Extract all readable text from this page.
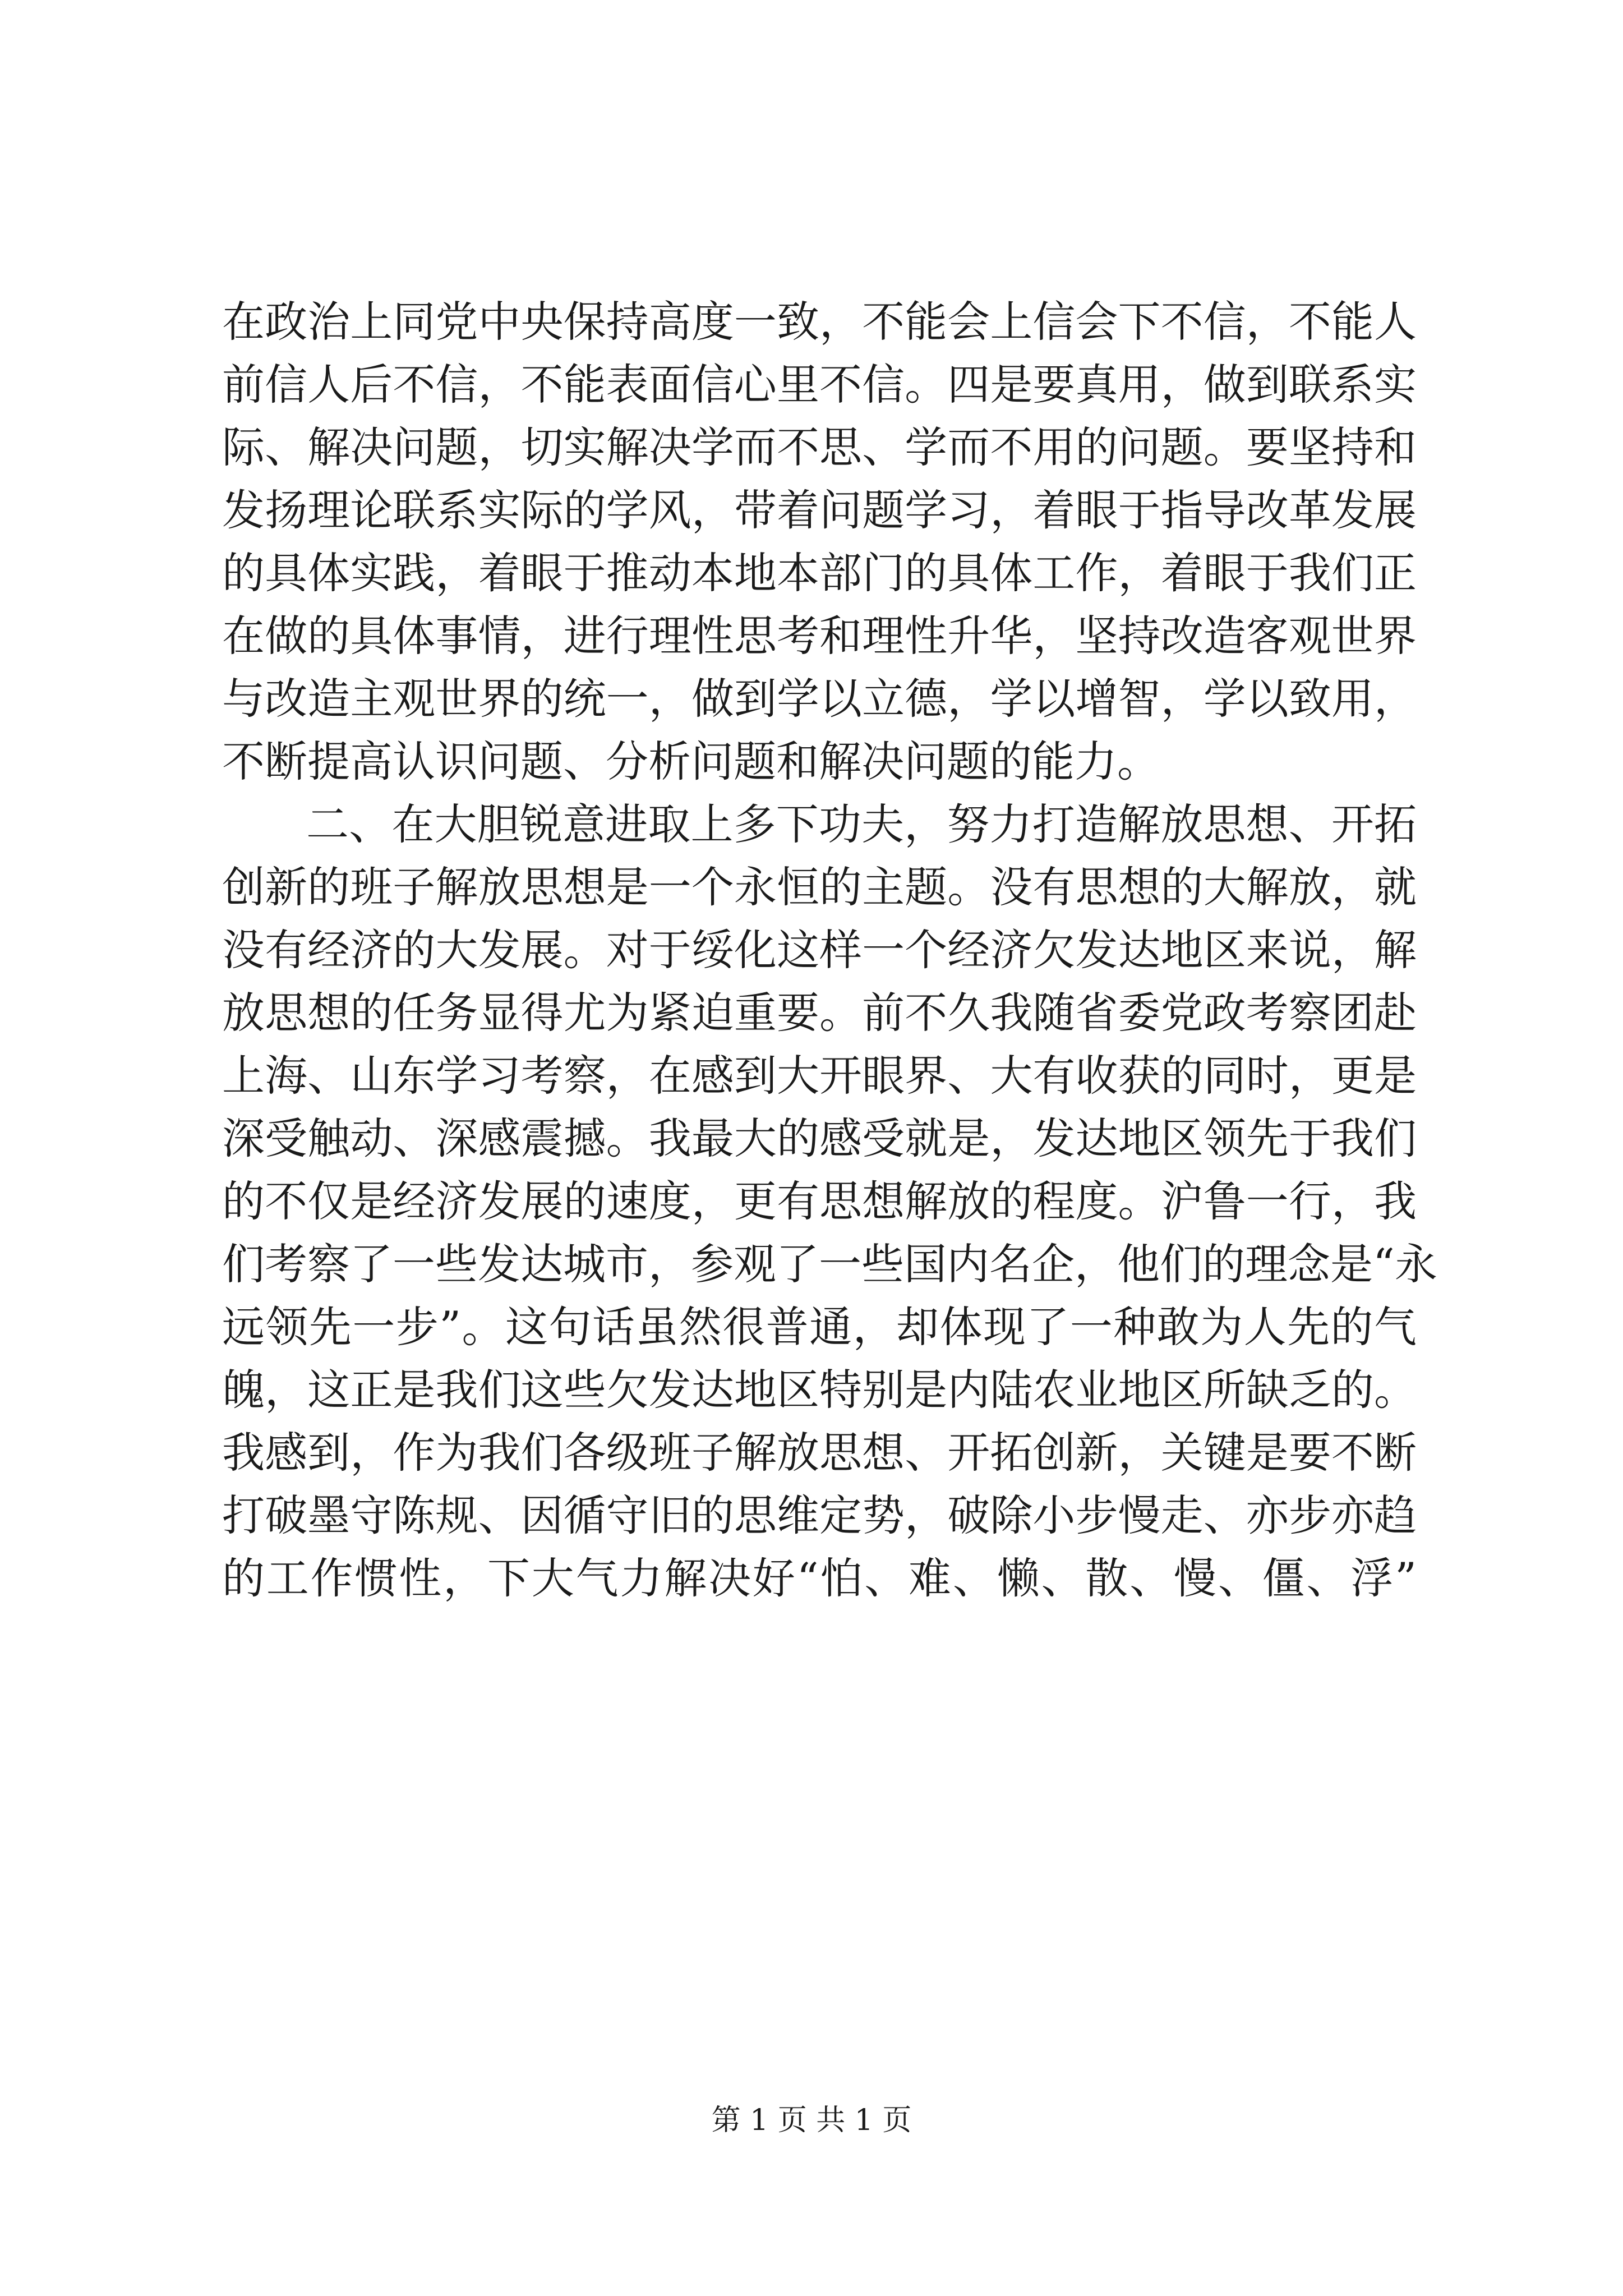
在政治上同党中央保持高度一致，不能会上信会下不信，不能人
前信人后不信，不能表面信心里不信。四是要真用，做到联系实
际、解决问题，切实解决学而不思、学而不用的问题。要坚持和
发扬理论联系实际的学风，带着问题学习，着眼于指导改革发展
的具体实践，着眼于推动本地本部门的具体工作，着眼于我们正
在做的具体事情，进行理性思考和理性升华，坚持改造客观世界
与改造主观世界的统一，做到学以立德，学以增智，学以致用，
不断提高认识问题、分析问题和解决问题的能力。
二、在大胆锐意进取上多下功夫，努力打造解放思想、开拓
创新的班子解放思想是一个永恒的主题。没有思想的大解放，就
没有经济的大发展。对于绥化这样一个经济欠发达地区来说，解
放思想的任务显得尤为紧迫重要。前不久我随省委党政考察团赴
上海、山东学习考察，在感到大开眼界、大有收获的同时，更是
深受触动、深感震撼。我最大的感受就是，发达地区领先于我们
的不仅是经济发展的速度，更有思想解放的程度。沪鲁一行，我
们考察了一些发达城市，参观了一些国内名企，他们的理念是“永
远领先一步”。这句话虽然很普通，却体现了一种敢为人先的气
魄，这正是我们这些欠发达地区特别是内陆农业地区所缺乏的。
我感到，作为我们各级班子解放思想、开拓创新，关键是要不断
打破墨守陈规、因循守旧的思维定势，破除小步慢走、亦步亦趋
的工作惯性，下大气力解决好“怕、难、懒、散、慢、僵、浮”
第 1 页 共 1 页
